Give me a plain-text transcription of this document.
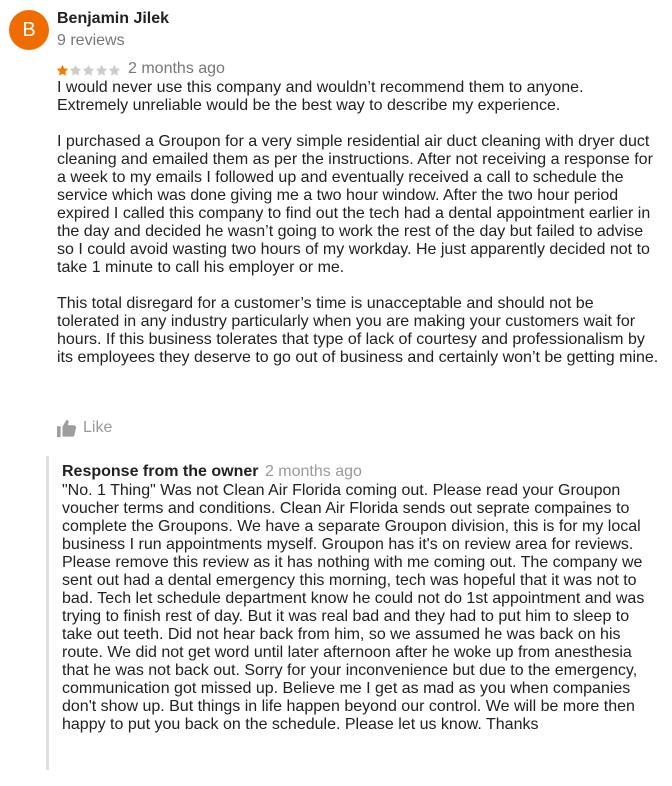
B
Benjamin Jilek
9 reviews
2 months ago

I would never use this company and wouldn’t recommend them to anyone. Extremely unreliable would be the best way to describe my experience.

I purchased a Groupon for a very simple residential air duct cleaning with dryer duct cleaning and emailed them as per the instructions. After not receiving a response for a week to my emails I followed up and eventually received a call to schedule the service which was done giving me a two hour window. After the two hour period expired I called this company to find out the tech had a dental appointment earlier in the day and decided he wasn’t going to work the rest of the day but failed to advise so I could avoid wasting two hours of my workday. He just apparently decided not to take 1 minute to call his employer or me.

This total disregard for a customer’s time is unacceptable and should not be tolerated in any industry particularly when you are making your customers wait for hours. If this business tolerates that type of lack of courtesy and professionalism by its employees they deserve to go out of business and certainly won’t be getting mine.

Like
Response from the owner 2 months ago

"No. 1 Thing" Was not Clean Air Florida coming out. Please read your Groupon voucher terms and conditions. Clean Air Florida sends out seprate compaines to complete the Groupons. We have a separate Groupon division, this is for my local business I run appointments myself. Groupon has it's on review area for reviews. Please remove this review as it has nothing with me coming out. The company we sent out had a dental emergency this morning, tech was hopeful that it was not to bad. Tech let schedule department know he could not do 1st appointment and was trying to finish rest of day. But it was real bad and they had to put him to sleep to take out teeth. Did not hear back from him, so we assumed he was back on his route. We did not get word until later afternoon after he woke up from anesthesia that he was not back out. Sorry for your inconvenience but due to the emergency, communication got missed up. Believe me I get as mad as you when companies don't show up. But things in life happen beyond our control. We will be more then happy to put you back on the schedule. Please let us know. Thanks
